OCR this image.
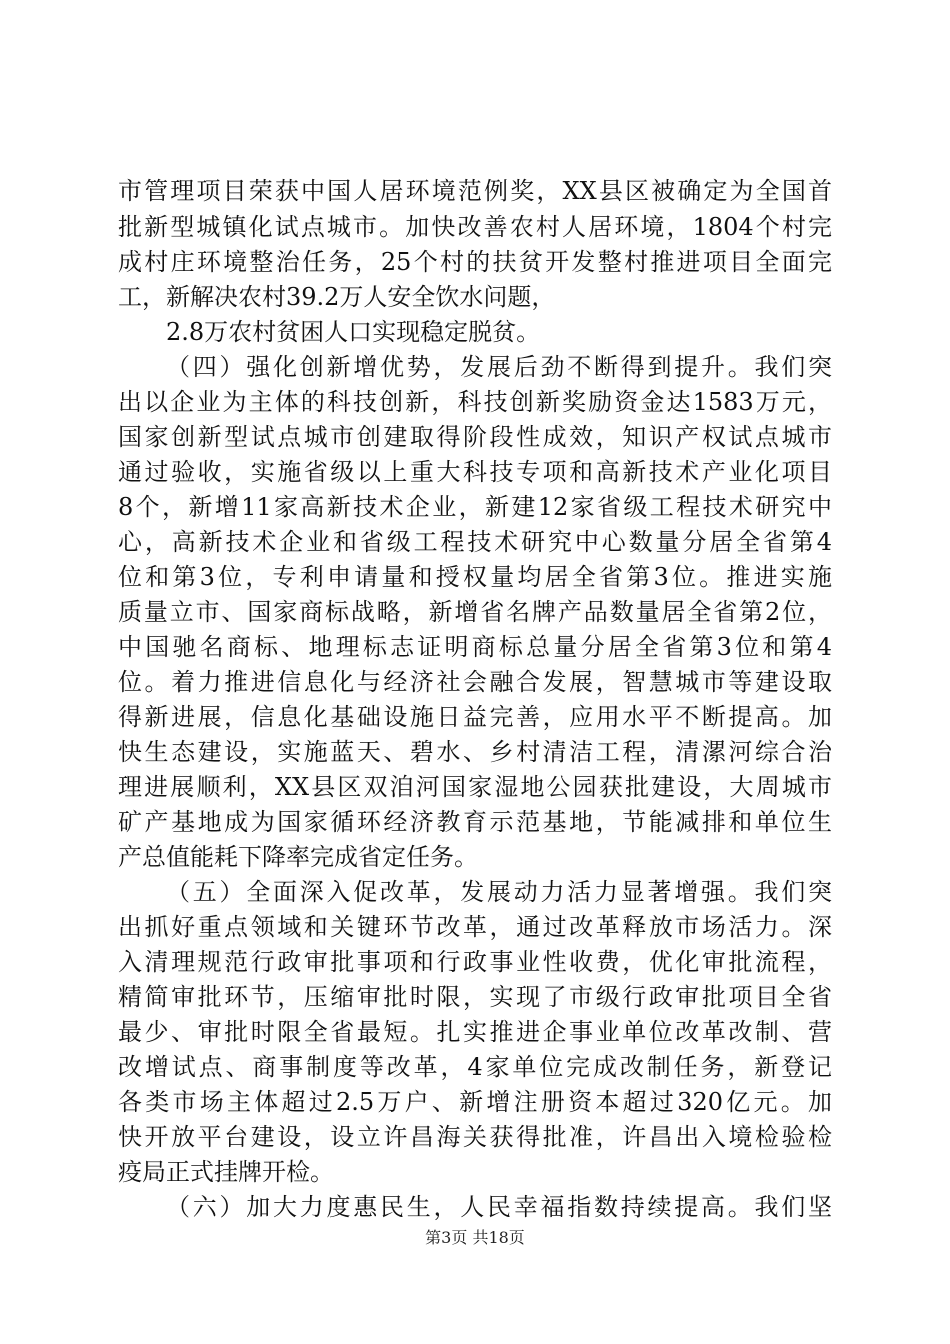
市管理项目荣获中国人居环境范例奖，XX县区被确定为全国首
批新型城镇化试点城市。加快改善农村人居环境，1804个村完
成村庄环境整治任务，25个村的扶贫开发整村推进项目全面完
工，新解决农村39.2万人安全饮水问题，
2.8万农村贫困人口实现稳定脱贫。
（四）强化创新增优势，发展后劲不断得到提升。我们突
出以企业为主体的科技创新，科技创新奖励资金达1583万元，
国家创新型试点城市创建取得阶段性成效，知识产权试点城市
通过验收，实施省级以上重大科技专项和高新技术产业化项目
8个，新增11家高新技术企业，新建12家省级工程技术研究中
心，高新技术企业和省级工程技术研究中心数量分居全省第4
位和第3位，专利申请量和授权量均居全省第3位。推进实施
质量立市、国家商标战略，新增省名牌产品数量居全省第2位，
中国驰名商标、地理标志证明商标总量分居全省第3位和第4
位。着力推进信息化与经济社会融合发展，智慧城市等建设取
得新进展，信息化基础设施日益完善，应用水平不断提高。加
快生态建设，实施蓝天、碧水、乡村清洁工程，清漯河综合治
理进展顺利，XX县区双洎河国家湿地公园获批建设，大周城市
矿产基地成为国家循环经济教育示范基地，节能减排和单位生
产总值能耗下降率完成省定任务。
（五）全面深入促改革，发展动力活力显著增强。我们突
出抓好重点领域和关键环节改革，通过改革释放市场活力。深
入清理规范行政审批事项和行政事业性收费，优化审批流程，
精简审批环节，压缩审批时限，实现了市级行政审批项目全省
最少、审批时限全省最短。扎实推进企事业单位改革改制、营
改增试点、商事制度等改革，4家单位完成改制任务，新登记
各类市场主体超过2.5万户、新增注册资本超过320亿元。加
快开放平台建设，设立许昌海关获得批准，许昌出入境检验检
疫局正式挂牌开检。
（六）加大力度惠民生，人民幸福指数持续提高。我们坚
第3页 共18页
